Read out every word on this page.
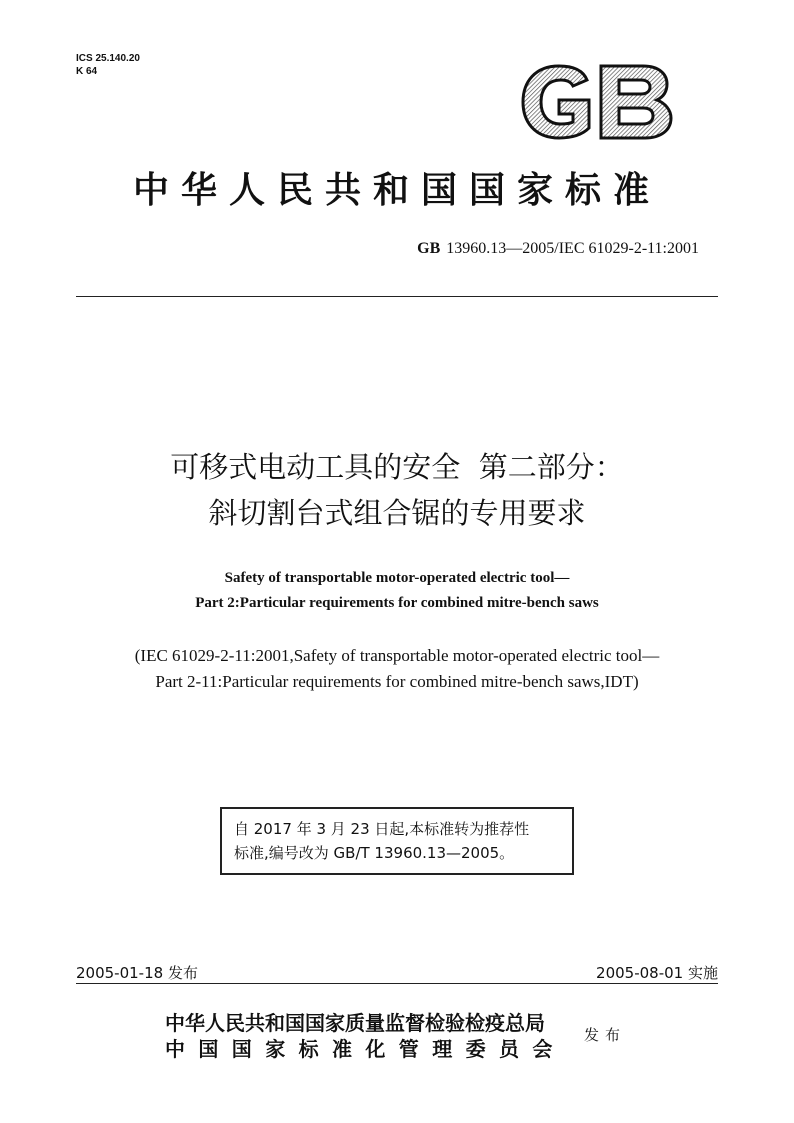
ICS 25.140.20
K 64
中华人民共和国国家标准
GB 13960.13—2005/IEC 61029-2-11:2001
可移式电动工具的安全  第二部分：
斜切割台式组合锯的专用要求
Safety of transportable motor-operated electric tool—
Part 2:Particular requirements for combined mitre-bench saws
(IEC 61029-2-11:2001,Safety of transportable motor-operated electric tool—
Part 2-11:Particular requirements for combined mitre-bench saws,IDT)
自 2017 年 3 月 23 日起,本标准转为推荐性
标准,编号改为 GB/T 13960.13—2005。
2005-01-18 发布	2005-08-01 实施
中华人民共和国国家质量监督检验检疫总局
中国国家标准化管理委员会
发布
